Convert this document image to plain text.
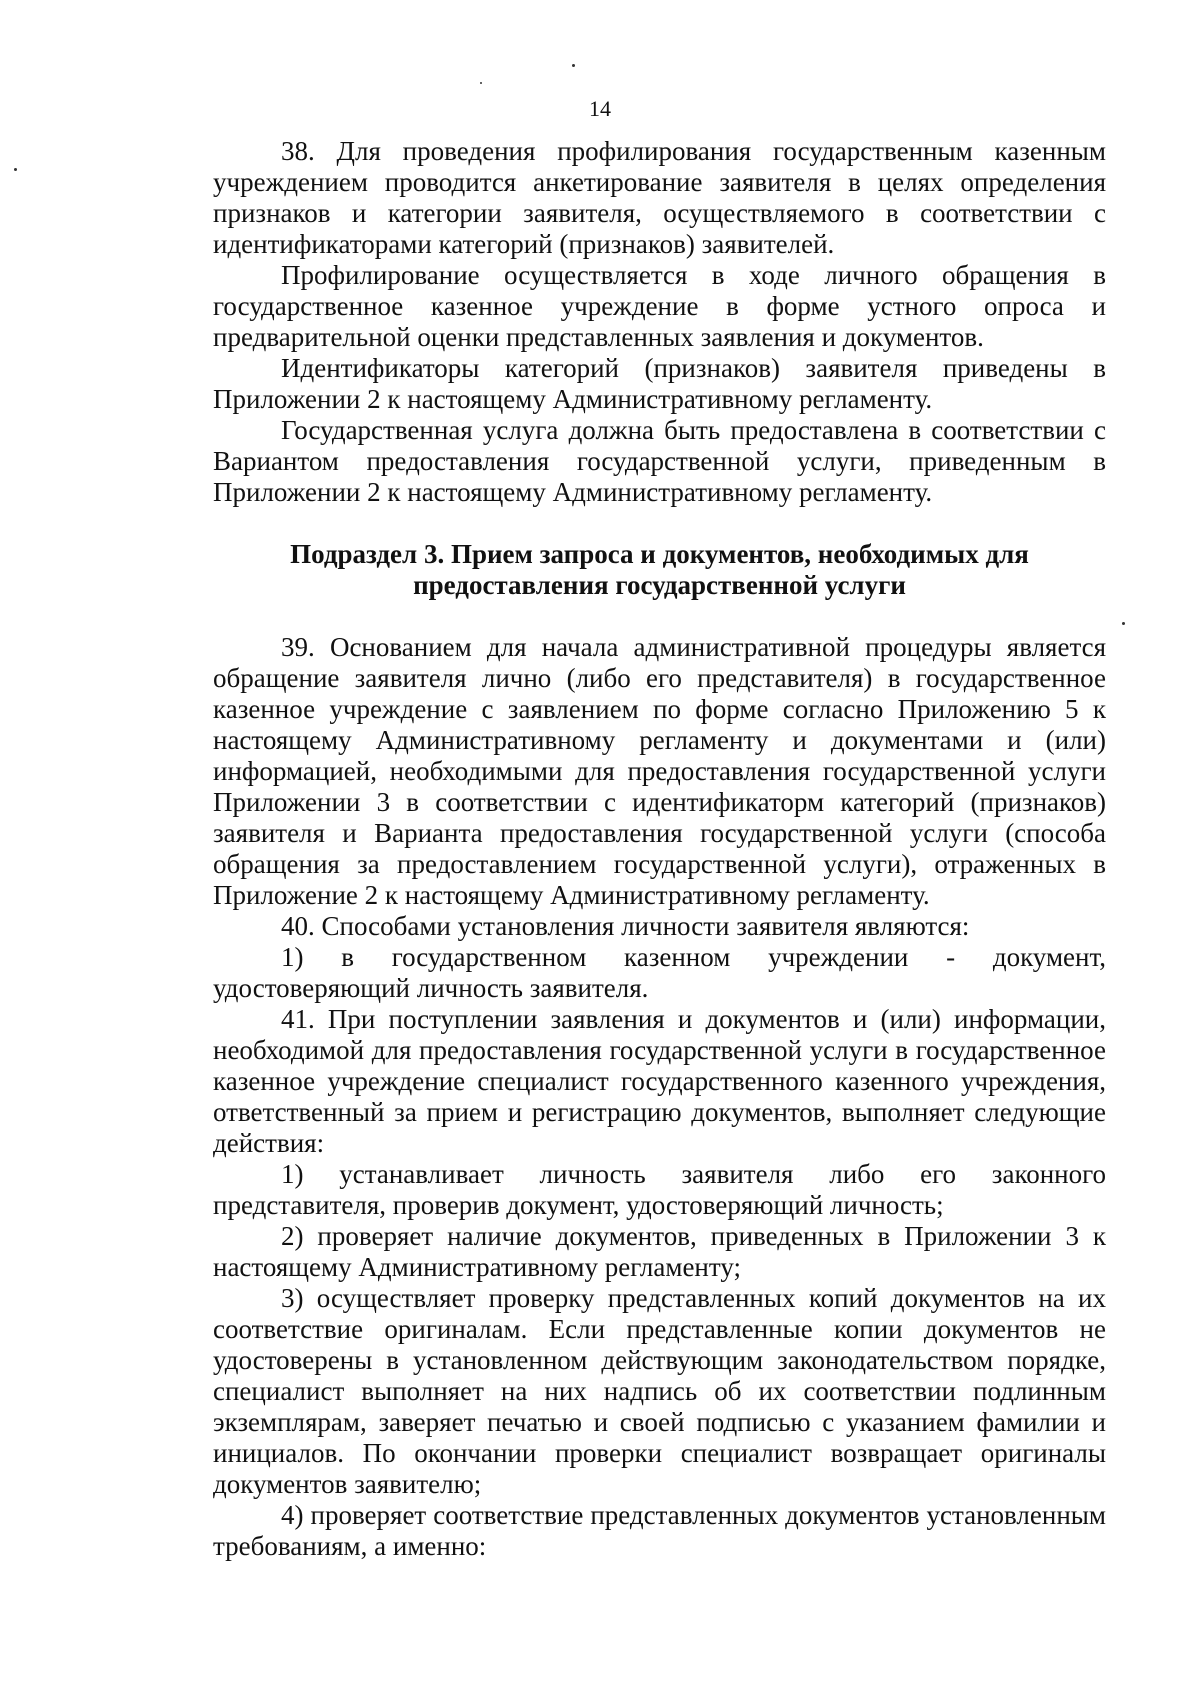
14

38. Для проведения профилирования государственным казенным учреждением проводится анкетирование заявителя в целях определения признаков и категории заявителя, осуществляемого в соответствии с идентификаторами категорий (признаков) заявителей.

Профилирование осуществляется в ходе личного обращения в государственное казенное учреждение в форме устного опроса и предварительной оценки представленных заявления и документов.

Идентификаторы категорий (признаков) заявителя приведены в Приложении 2 к настоящему Административному регламенту.

Государственная услуга должна быть предоставлена в соответствии с Вариантом предоставления государственной услуги, приведенным в Приложении 2 к настоящему Административному регламенту.

Подраздел 3. Прием запроса и документов, необходимых для
предоставления государственной услуги

39. Основанием для начала административной процедуры является обращение заявителя лично (либо его представителя) в государственное казенное учреждение с заявлением по форме согласно Приложению 5 к настоящему Административному регламенту и документами и (или) информацией, необходимыми для предоставления государственной услуги Приложении 3 в соответствии с идентификаторм категорий (признаков) заявителя и Варианта предоставления государственной услуги (способа обращения за предоставлением государственной услуги), отраженных в Приложение 2 к настоящему Административному регламенту.

40. Способами установления личности заявителя являются:

1) в государственном казенном учреждении - документ, удостоверяющий личность заявителя.

41. При поступлении заявления и документов и (или) информации, необходимой для предоставления государственной услуги в государственное казенное учреждение специалист государственного казенного учреждения, ответственный за прием и регистрацию документов, выполняет следующие действия:

1) устанавливает личность заявителя либо его законного представителя, проверив документ, удостоверяющий личность;

2) проверяет наличие документов, приведенных в Приложении 3 к настоящему Административному регламенту;

3) осуществляет проверку представленных копий документов на их соответствие оригиналам. Если представленные копии документов не удостоверены в установленном действующим законодательством порядке, специалист выполняет на них надпись об их соответствии подлинным экземплярам, заверяет печатью и своей подписью с указанием фамилии и инициалов. По окончании проверки специалист возвращает оригиналы документов заявителю;

4) проверяет соответствие представленных документов установленным требованиям, а именно:
